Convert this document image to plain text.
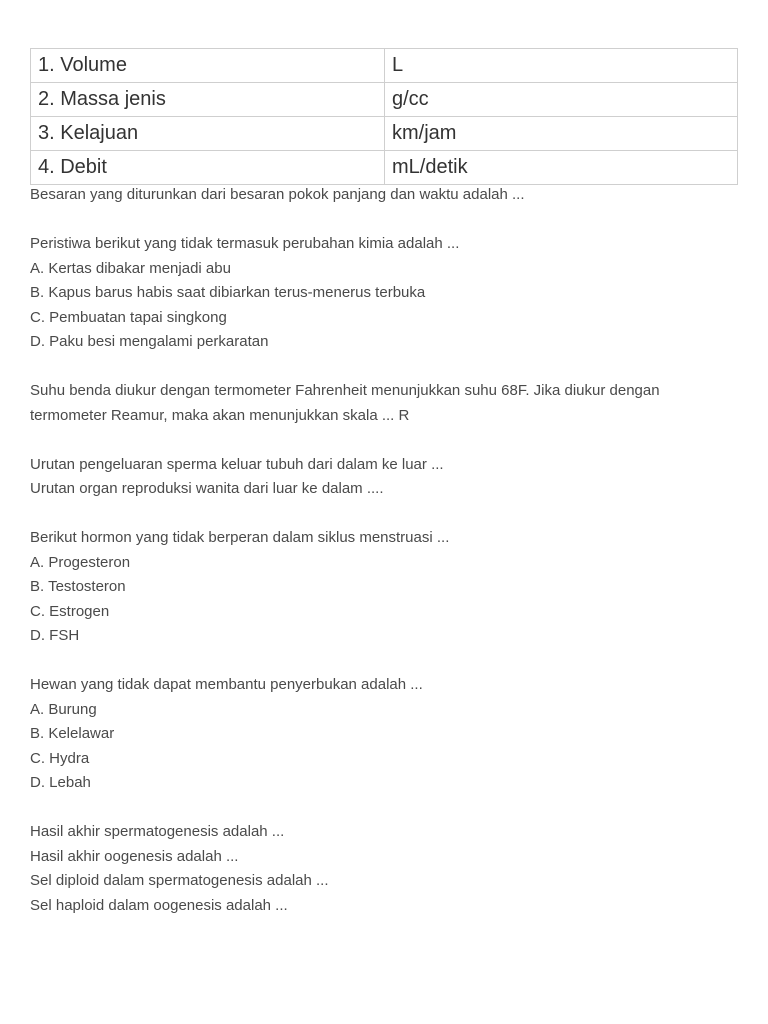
1. Volume	L
2. Massa jenis	g/cc
3. Kelajuan	km/jam
4. Debit	mL/detik
Besaran yang diturunkan dari besaran pokok panjang dan waktu adalah ...
Peristiwa berikut yang tidak termasuk perubahan kimia adalah ...
A. Kertas dibakar menjadi abu
B. Kapus barus habis saat dibiarkan terus-menerus terbuka
C. Pembuatan tapai singkong
D. Paku besi mengalami perkaratan
Suhu benda diukur dengan termometer Fahrenheit menunjukkan suhu 68F. Jika diukur dengan
termometer Reamur, maka akan menunjukkan skala ... R
Urutan pengeluaran sperma keluar tubuh dari dalam ke luar ...
Urutan organ reproduksi wanita dari luar ke dalam ....
Berikut hormon yang tidak berperan dalam siklus menstruasi ...
A. Progesteron
B. Testosteron
C. Estrogen
D. FSH
Hewan yang tidak dapat membantu penyerbukan adalah ...
A. Burung
B. Kelelawar
C. Hydra
D. Lebah
Hasil akhir spermatogenesis adalah ...
Hasil akhir oogenesis adalah ...
Sel diploid dalam spermatogenesis adalah ...
Sel haploid dalam oogenesis adalah ...
